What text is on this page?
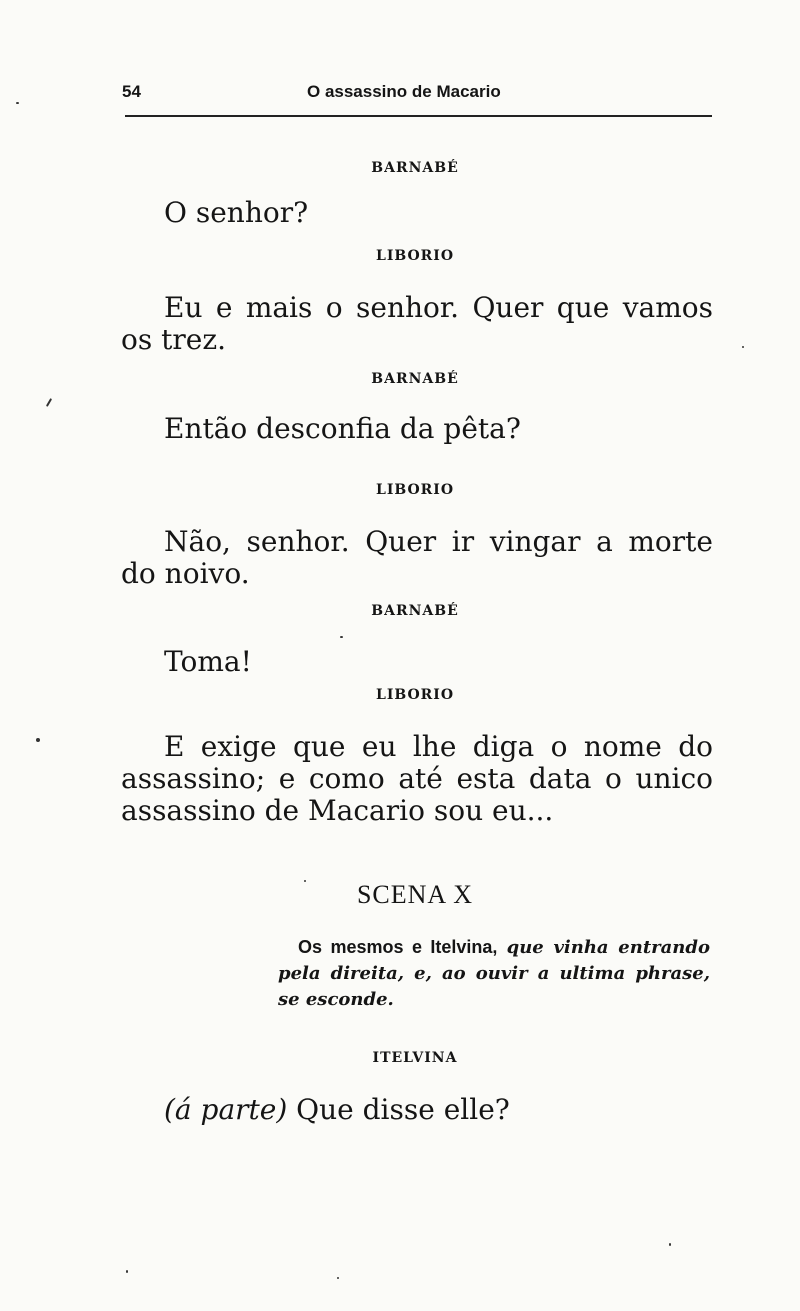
54	O assassino de Macario
BARNABÉ

O senhor?

LIBORIO

Eu e mais o senhor. Quer que vamos os trez.

BARNABÉ

Então desconfia da pêta?

LIBORIO

Não, senhor. Quer ir vingar a morte do noivo.

BARNABÉ

Toma!

LIBORIO

E exige que eu lhe diga o nome do assassino; e como até esta data o unico assassino de Macario sou eu...

SCENA X

Os mesmos e Itelvina, que vinha entrando pela direita, e, ao ouvir a ultima phrase, se esconde.

ITELVINA

(á parte) Que disse elle?
